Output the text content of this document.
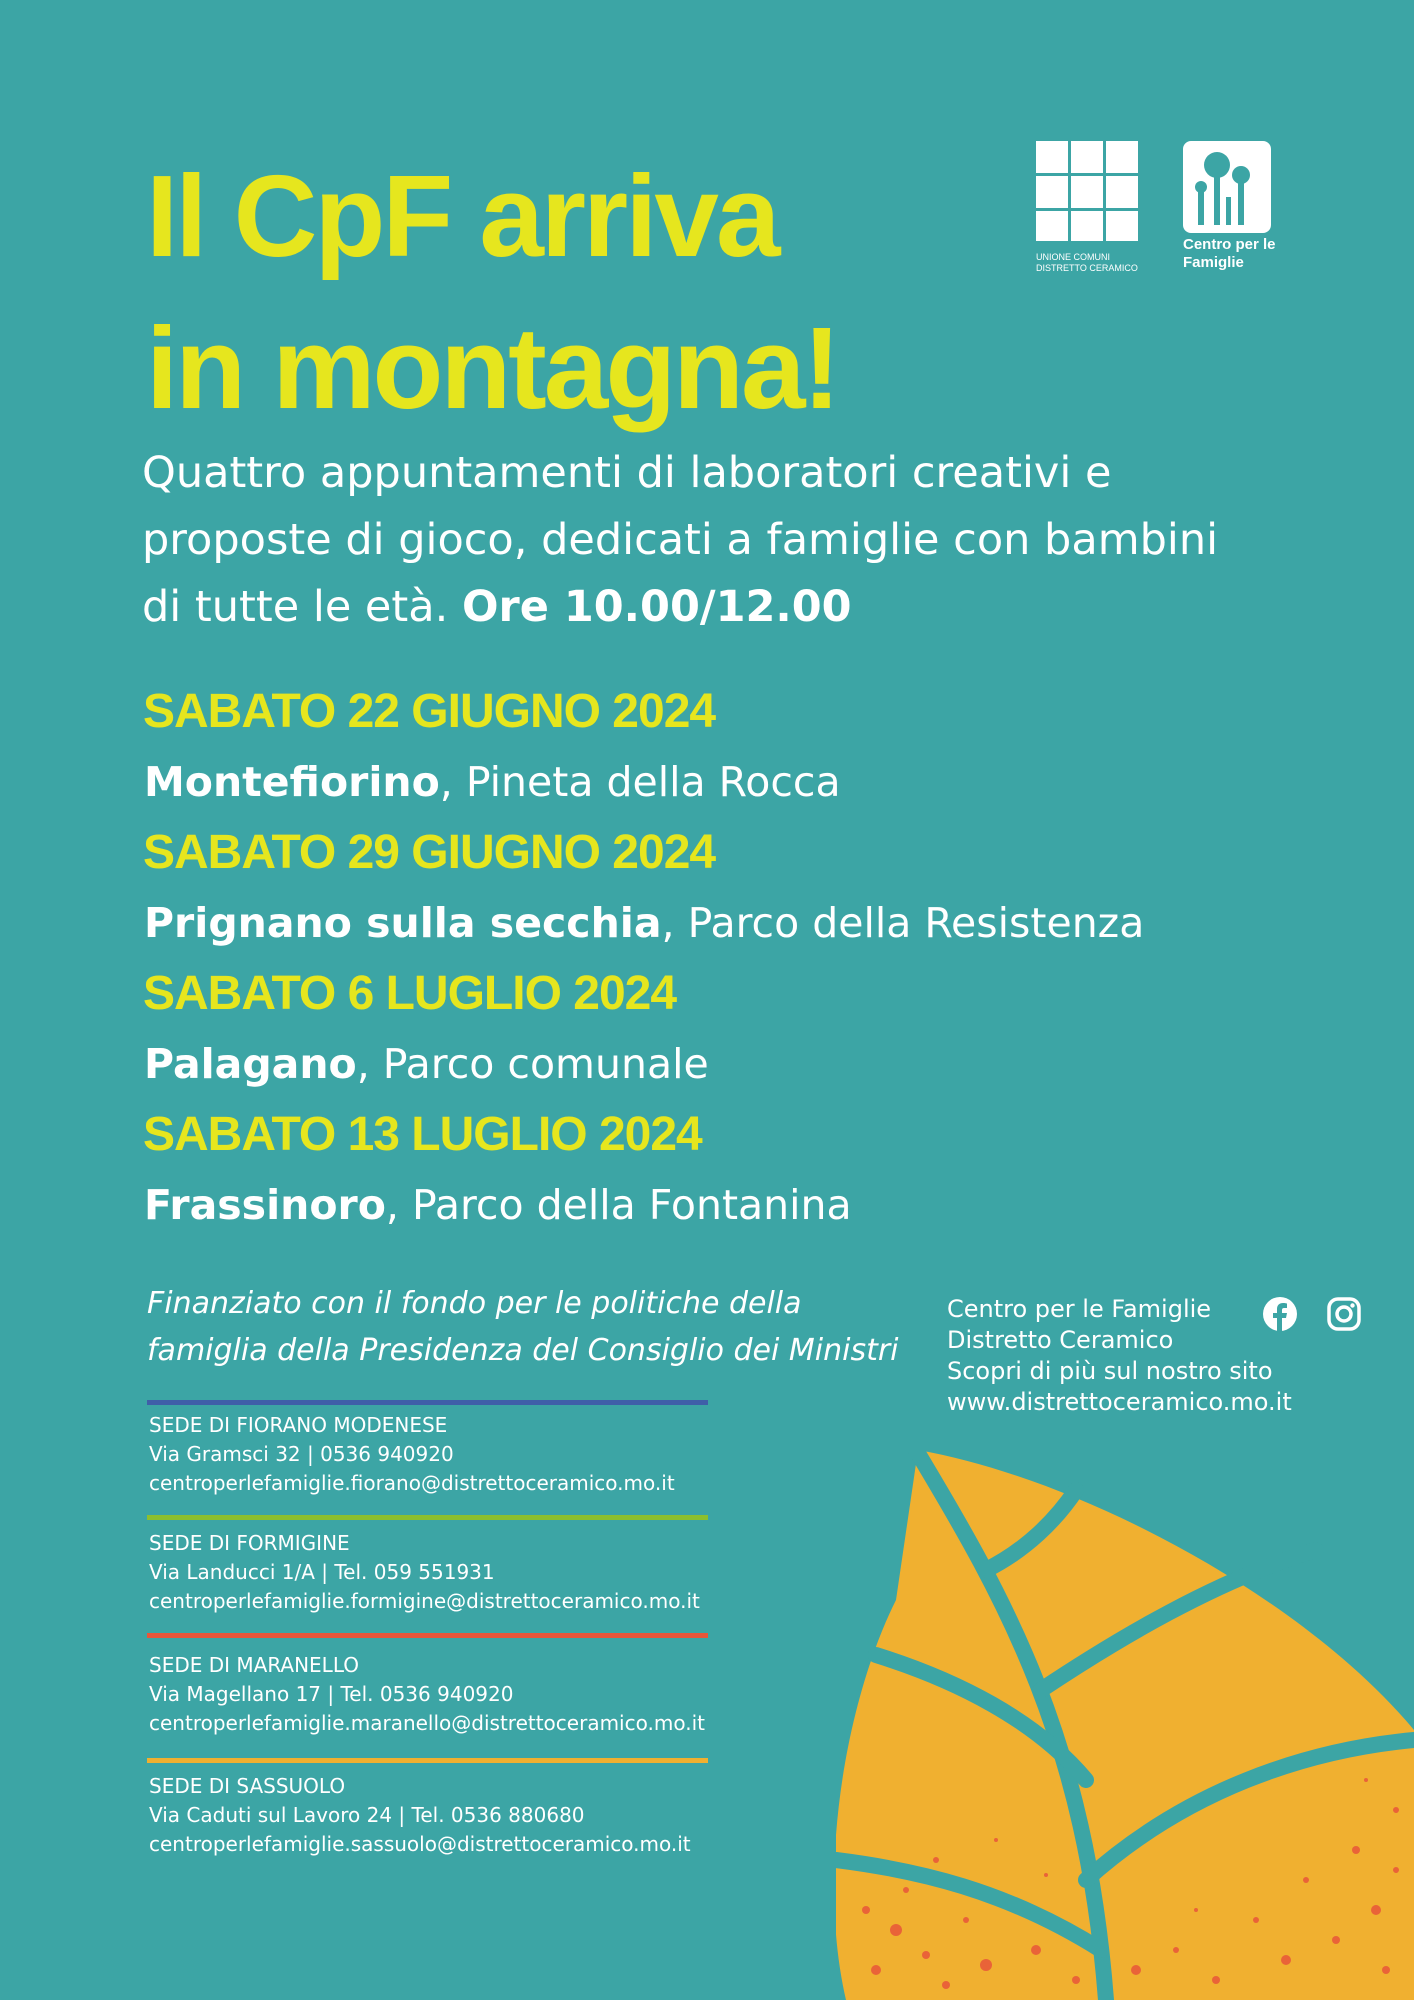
UNIONE COMUNI
DISTRETTO CERAMICO
Centro per le
Famiglie
Il CpF arriva
in montagna!

Quattro appuntamenti di laboratori creativi e proposte di gioco, dedicati a famiglie con bambini di tutte le età. Ore 10.00/12.00

SABATO 22 GIUGNO 2024
Montefiorino, Pineta della Rocca
SABATO 29 GIUGNO 2024
Prignano sulla secchia, Parco della Resistenza
SABATO 6 LUGLIO 2024
Palagano, Parco comunale
SABATO 13 LUGLIO 2024
Frassinoro, Parco della Fontanina
Finanziato con il fondo per le politiche della
famiglia della Presidenza del Consiglio dei Ministri
SEDE DI FIORANO MODENESE
Via Gramsci 32 | 0536 940920
centroperlefamiglie.fiorano@distrettoceramico.mo.it
SEDE DI FORMIGINE
Via Landucci 1/A | Tel. 059 551931
centroperlefamiglie.formigine@distrettoceramico.mo.it
SEDE DI MARANELLO
Via Magellano 17 | Tel. 0536 940920
centroperlefamiglie.maranello@distrettoceramico.mo.it
SEDE DI SASSUOLO
Via Caduti sul Lavoro 24 | Tel. 0536 880680
centroperlefamiglie.sassuolo@distrettoceramico.mo.it
Centro per le Famiglie
Distretto Ceramico
Scopri di più sul nostro sito
www.distrettoceramico.mo.it
